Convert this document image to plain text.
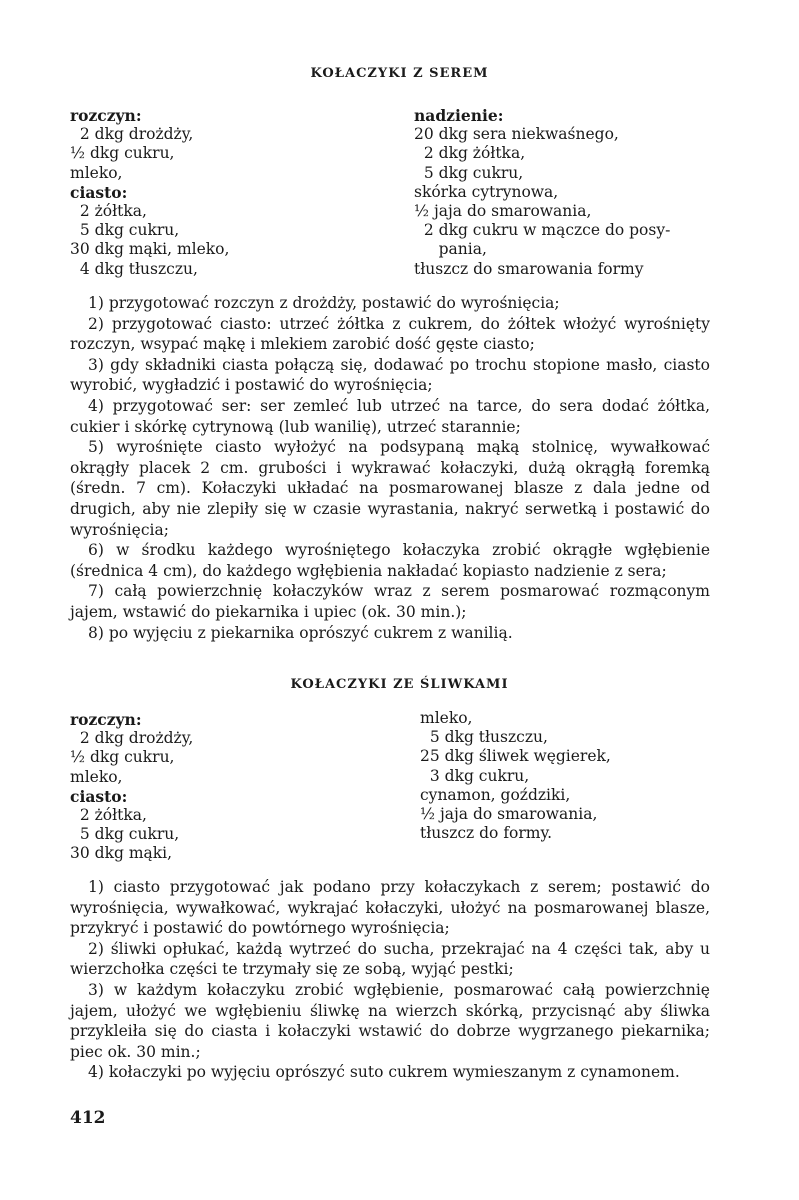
KOŁACZYKI Z SEREM
rozczyn:
2 dkg drożdży,
½ dkg cukru,
mleko,
ciasto:
2 żółtka,
5 dkg cukru,
30 dkg mąki, mleko,
4 dkg tłuszczu,
nadzienie:
20 dkg sera niekwaśnego,
2 dkg żółtka,
5 dkg cukru,
skórka cytrynowa,
½ jaja do smarowania,
2 dkg cukru w mączce do posy-
pania,
tłuszcz do smarowania formy

1) przygotować rozczyn z drożdży, postawić do wyrośnięcia;

2) przygotować ciasto: utrzeć żółtka z cukrem, do żółtek włożyć wyrośnięty rozczyn, wsypać mąkę i mlekiem zarobić dość gęste ciasto;

3) gdy składniki ciasta połączą się, dodawać po trochu stopione masło, ciasto wyrobić, wygładzić i postawić do wyrośnięcia;

4) przygotować ser: ser zemleć lub utrzeć na tarce, do sera dodać żółtka, cukier i skórkę cytrynową (lub wanilię), utrzeć starannie;

5) wyrośnięte ciasto wyłożyć na podsypaną mąką stolnicę, wywałkować okrągły placek 2 cm. grubości i wykrawać kołaczyki, dużą okrągłą foremką (średn. 7 cm). Kołaczyki układać na posmarowanej blasze z dala jedne od drugich, aby nie zlepiły się w czasie wyrastania, nakryć serwetką i postawić do wyrośnięcia;

6) w środku każdego wyrośniętego kołaczyka zrobić okrągłe wgłębienie (średnica 4 cm), do każdego wgłębienia nakładać kopiasto nadzienie z sera;

7) całą powierzchnię kołaczyków wraz z serem posmarować rozmąconym jajem, wstawić do piekarnika i upiec (ok. 30 min.);

8) po wyjęciu z piekarnika oprószyć cukrem z wanilią.

KOŁACZYKI ZE ŚLIWKAMI
rozczyn:
2 dkg drożdży,
½ dkg cukru,
mleko,
ciasto:
2 żółtka,
5 dkg cukru,
30 dkg mąki,
mleko,
5 dkg tłuszczu,
25 dkg śliwek węgierek,
3 dkg cukru,
cynamon, goździki,
½ jaja do smarowania,
tłuszcz do formy.

1) ciasto przygotować jak podano przy kołaczykach z serem; postawić do wyrośnięcia, wywałkować, wykrajać kołaczyki, ułożyć na posmarowanej blasze, przykryć i postawić do powtórnego wyrośnięcia;

2) śliwki opłukać, każdą wytrzeć do sucha, przekrajać na 4 części tak, aby u wierzchołka części te trzymały się ze sobą, wyjąć pestki;

3) w każdym kołaczyku zrobić wgłębienie, posmarować całą powierzchnię jajem, ułożyć we wgłębieniu śliwkę na wierzch skórką, przycisnąć aby śliwka przykleiła się do ciasta i kołaczyki wstawić do dobrze wygrzanego piekarnika; piec ok. 30 min.;

4) kołaczyki po wyjęciu oprószyć suto cukrem wymieszanym z cynamonem.

412
